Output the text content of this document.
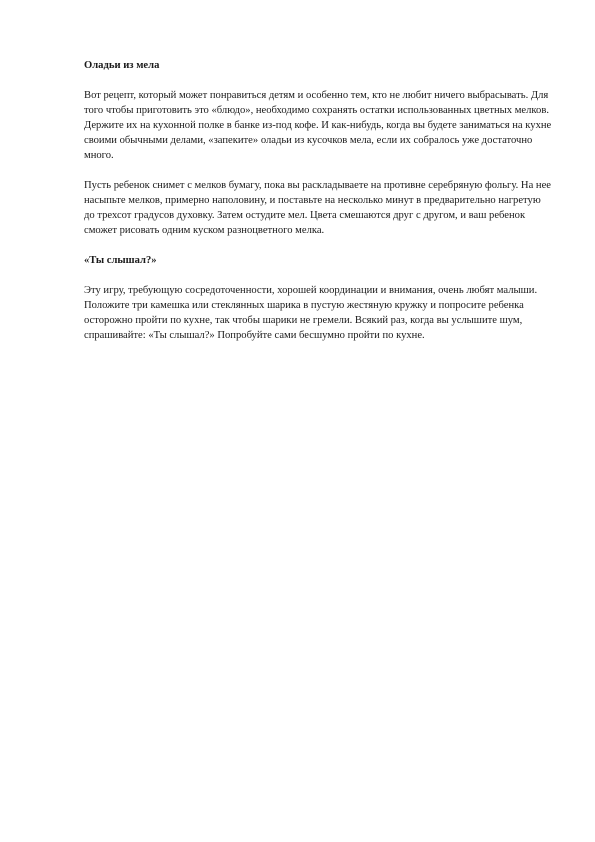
Оладьи из мела

Вот рецепт, который может понравиться детям и особенно тем, кто не любит ничего выбрасывать. Для того чтобы приготовить это «блюдо», необходимо сохранять остатки использованных цветных мелков. Держите их на кухонной полке в банке из-под кофе. И как-нибудь, когда вы будете заниматься на кухне своими обычными делами, «запеките» оладьи из кусочков мела, если их собралось уже достаточно много.

Пусть ребенок снимет с мелков бумагу, пока вы раскладываете на противне серебряную фольгу. На нее насыпьте мелков, примерно наполовину, и поставьте на несколько минут в предварительно нагретую до трехсот градусов духовку. Затем остудите мел. Цвета смешаются друг с другом, и ваш ребенок сможет рисовать одним куском разноцветного мелка.

«Ты слышал?»

Эту игру, требующую сосредоточенности, хорошей координации и внимания, очень любят малыши. Положите три камешка или стеклянных шарика в пустую жестяную кружку и попросите ребенка осторожно пройти по кухне, так чтобы шарики не гремели. Всякий раз, когда вы услышите шум, спрашивайте: «Ты слышал?» Попробуйте сами бесшумно пройти по кухне.
